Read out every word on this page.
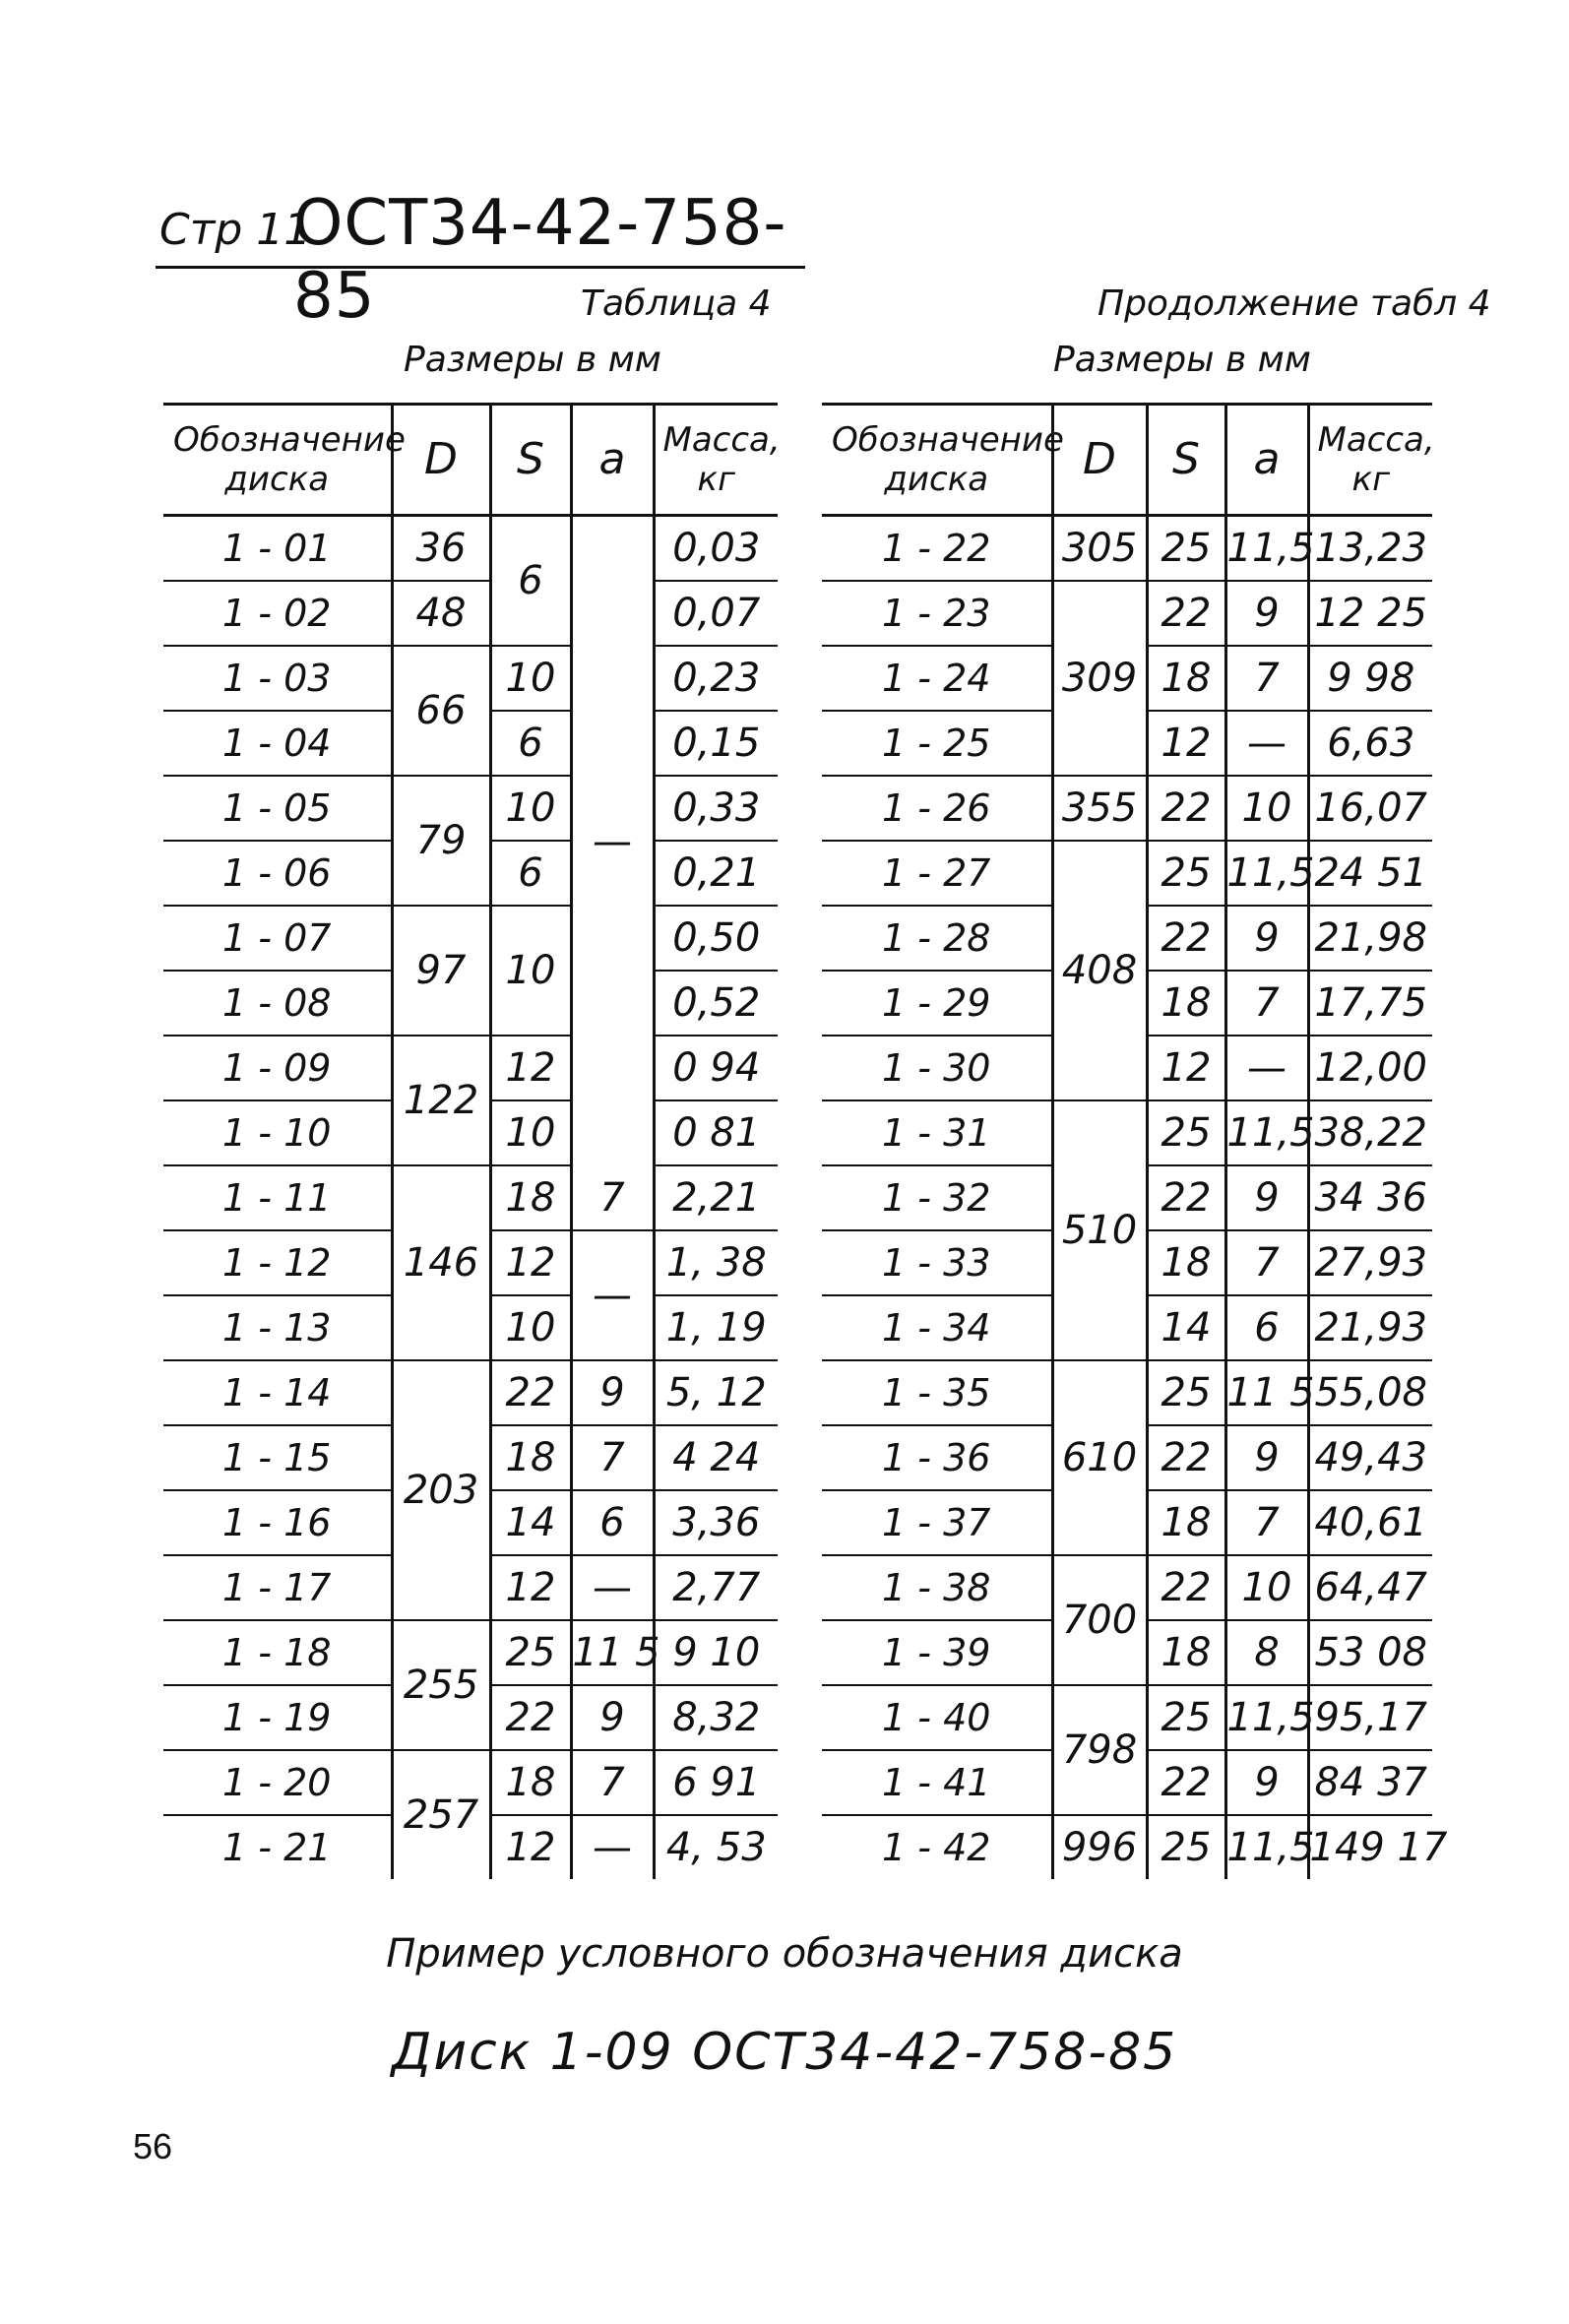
Стр 11
ОСТ34-42-758-85	Таблица 4
Размеры в мм
Продолжение табл 4
Размеры в мм
Обозначение диска	D	S	a	Масса, кг
1 - 01	36	6	—	0,03
1 - 02	48			0,07
1 - 03	66	10		0,23
1 - 04		6		0,15
1 - 05	79	10		0,33
1 - 06		6		0,21
1 - 07	97	10		0,50
1 - 08				0,52
1 - 09	122	12		0 94
1 - 10		10		0 81
1 - 11	146	18	7	2,21
1 - 12		12	—	1, 38
1 - 13		10		1, 19
1 - 14	203	22	9	5, 12
1 - 15		18	7	4 24
1 - 16		14	6	3,36
1 - 17		12	—	2,77
1 - 18	255	25	11 5	9 10
1 - 19		22	9	8,32
1 - 20	257	18	7	6 91
1 - 21		12	—	4, 53
Обозначение диска	D	S	a	Масса, кг
1 - 22	305	25	11,5	13,23
1 - 23	309	22	9	12 25
1 - 24		18	7	9 98
1 - 25		12	—	6,63
1 - 26	355	22	10	16,07
1 - 27	408	25	11,5	24 51
1 - 28		22	9	21,98
1 - 29		18	7	17,75
1 - 30		12	—	12,00
1 - 31	510	25	11,5	38,22
1 - 32		22	9	34 36
1 - 33		18	7	27,93
1 - 34		14	6	21,93
1 - 35	610	25	11 5	55,08
1 - 36		22	9	49,43
1 - 37		18	7	40,61
1 - 38	700	22	10	64,47
1 - 39		18	8	53 08
1 - 40	798	25	11,5	95,17
1 - 41		22	9	84 37
1 - 42	996	25	11,5	149 17
Пример условного обозначения диска
Диск 1-09 ОСТ34-42-758-85
56
